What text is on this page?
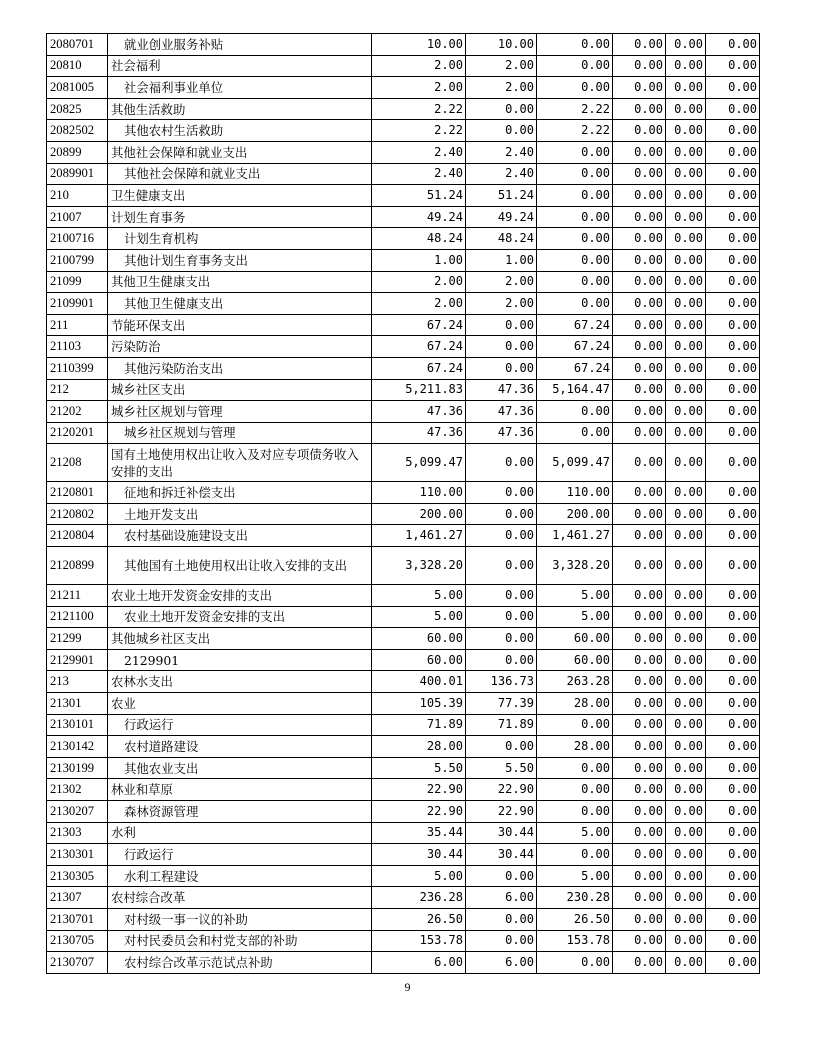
2080701	就业创业服务补贴	10.00	10.00	0.00	0.00	0.00	0.00
20810	社会福利	2.00	2.00	0.00	0.00	0.00	0.00
2081005	社会福利事业单位	2.00	2.00	0.00	0.00	0.00	0.00
20825	其他生活救助	2.22	0.00	2.22	0.00	0.00	0.00
2082502	其他农村生活救助	2.22	0.00	2.22	0.00	0.00	0.00
20899	其他社会保障和就业支出	2.40	2.40	0.00	0.00	0.00	0.00
2089901	其他社会保障和就业支出	2.40	2.40	0.00	0.00	0.00	0.00
210	卫生健康支出	51.24	51.24	0.00	0.00	0.00	0.00
21007	计划生育事务	49.24	49.24	0.00	0.00	0.00	0.00
2100716	计划生育机构	48.24	48.24	0.00	0.00	0.00	0.00
2100799	其他计划生育事务支出	1.00	1.00	0.00	0.00	0.00	0.00
21099	其他卫生健康支出	2.00	2.00	0.00	0.00	0.00	0.00
2109901	其他卫生健康支出	2.00	2.00	0.00	0.00	0.00	0.00
211	节能环保支出	67.24	0.00	67.24	0.00	0.00	0.00
21103	污染防治	67.24	0.00	67.24	0.00	0.00	0.00
2110399	其他污染防治支出	67.24	0.00	67.24	0.00	0.00	0.00
212	城乡社区支出	5,211.83	47.36	5,164.47	0.00	0.00	0.00
21202	城乡社区规划与管理	47.36	47.36	0.00	0.00	0.00	0.00
2120201	城乡社区规划与管理	47.36	47.36	0.00	0.00	0.00	0.00
21208	国有土地使用权出让收入及对应专项债务收入安排的支出	5,099.47	0.00	5,099.47	0.00	0.00	0.00
2120801	征地和拆迁补偿支出	110.00	0.00	110.00	0.00	0.00	0.00
2120802	土地开发支出	200.00	0.00	200.00	0.00	0.00	0.00
2120804	农村基础设施建设支出	1,461.27	0.00	1,461.27	0.00	0.00	0.00
2120899	其他国有土地使用权出让收入安排的支出	3,328.20	0.00	3,328.20	0.00	0.00	0.00
21211	农业土地开发资金安排的支出	5.00	0.00	5.00	0.00	0.00	0.00
2121100	农业土地开发资金安排的支出	5.00	0.00	5.00	0.00	0.00	0.00
21299	其他城乡社区支出	60.00	0.00	60.00	0.00	0.00	0.00
2129901	2129901	60.00	0.00	60.00	0.00	0.00	0.00
213	农林水支出	400.01	136.73	263.28	0.00	0.00	0.00
21301	农业	105.39	77.39	28.00	0.00	0.00	0.00
2130101	行政运行	71.89	71.89	0.00	0.00	0.00	0.00
2130142	农村道路建设	28.00	0.00	28.00	0.00	0.00	0.00
2130199	其他农业支出	5.50	5.50	0.00	0.00	0.00	0.00
21302	林业和草原	22.90	22.90	0.00	0.00	0.00	0.00
2130207	森林资源管理	22.90	22.90	0.00	0.00	0.00	0.00
21303	水利	35.44	30.44	5.00	0.00	0.00	0.00
2130301	行政运行	30.44	30.44	0.00	0.00	0.00	0.00
2130305	水利工程建设	5.00	0.00	5.00	0.00	0.00	0.00
21307	农村综合改革	236.28	6.00	230.28	0.00	0.00	0.00
2130701	对村级一事一议的补助	26.50	0.00	26.50	0.00	0.00	0.00
2130705	对村民委员会和村党支部的补助	153.78	0.00	153.78	0.00	0.00	0.00
2130707	农村综合改革示范试点补助	6.00	6.00	0.00	0.00	0.00	0.00
9
